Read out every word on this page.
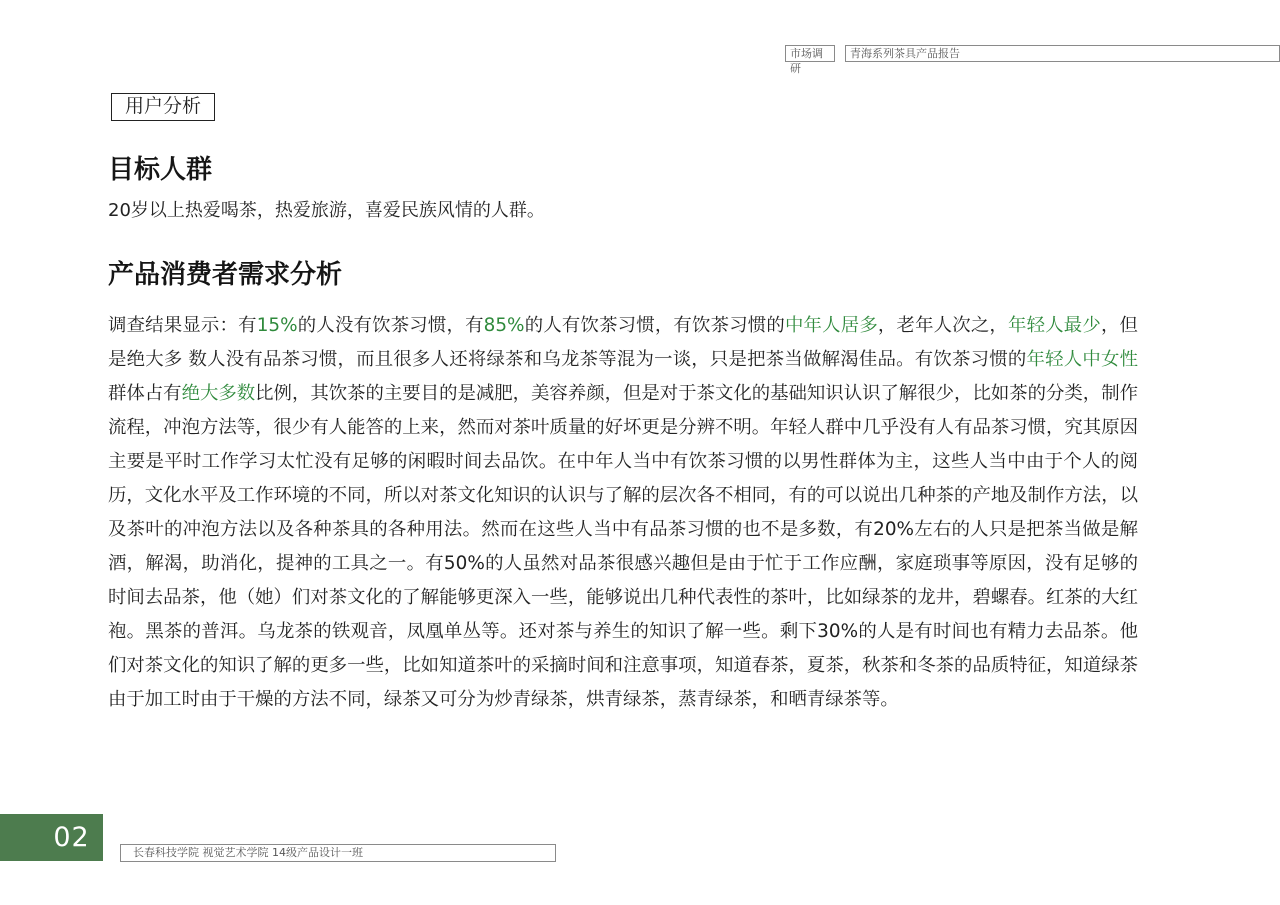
市场调研
青海系列茶具产品报告
用户分析
目标人群

20岁以上热爱喝茶，热爱旅游，喜爱民族风情的人群。

产品消费者需求分析

调查结果显示：有15%的人没有饮茶习惯，有85%的人有饮茶习惯，有饮茶习惯的中年人居多，老年人次之，年轻人最少，但是绝大多 数人没有品茶习惯，而且很多人还将绿茶和乌龙茶等混为一谈，只是把茶当做解渴佳品。有饮茶习惯的年轻人中女性群体占有绝大多数比例，其饮茶的主要目的是减肥，美容养颜，但是对于茶文化的基础知识认识了解很少，比如茶的分类，制作流程，冲泡方法等，很少有人能答的上来，然而对茶叶质量的好坏更是分辨不明。年轻人群中几乎没有人有品茶习惯，究其原因主要是平时工作学习太忙没有足够的闲暇时间去品饮。在中年人当中有饮茶习惯的以男性群体为主，这些人当中由于个人的阅历，文化水平及工作环境的不同，所以对茶文化知识的认识与了解的层次各不相同，有的可以说出几种茶的产地及制作方法，以及茶叶的冲泡方法以及各种茶具的各种用法。然而在这些人当中有品茶习惯的也不是多数，有20%左右的人只是把茶当做是解酒，解渴，助消化，提神的工具之一。有50%的人虽然对品茶很感兴趣但是由于忙于工作应酬，家庭琐事等原因，没有足够的时间去品茶，他（她）们对茶文化的了解能够更深入一些，能够说出几种代表性的茶叶，比如绿茶的龙井，碧螺春。红茶的大红袍。黑茶的普洱。乌龙茶的铁观音，凤凰单丛等。还对茶与养生的知识了解一些。剩下30%的人是有时间也有精力去品茶。他们对茶文化的知识了解的更多一些，比如知道茶叶的采摘时间和注意事项，知道春茶，夏茶，秋茶和冬茶的品质特征，知道绿茶由于加工时由于干燥的方法不同，绿茶又可分为炒青绿茶，烘青绿茶，蒸青绿茶，和晒青绿茶等。

02	长春科技学院 视觉艺术学院 14级产品设计一班
